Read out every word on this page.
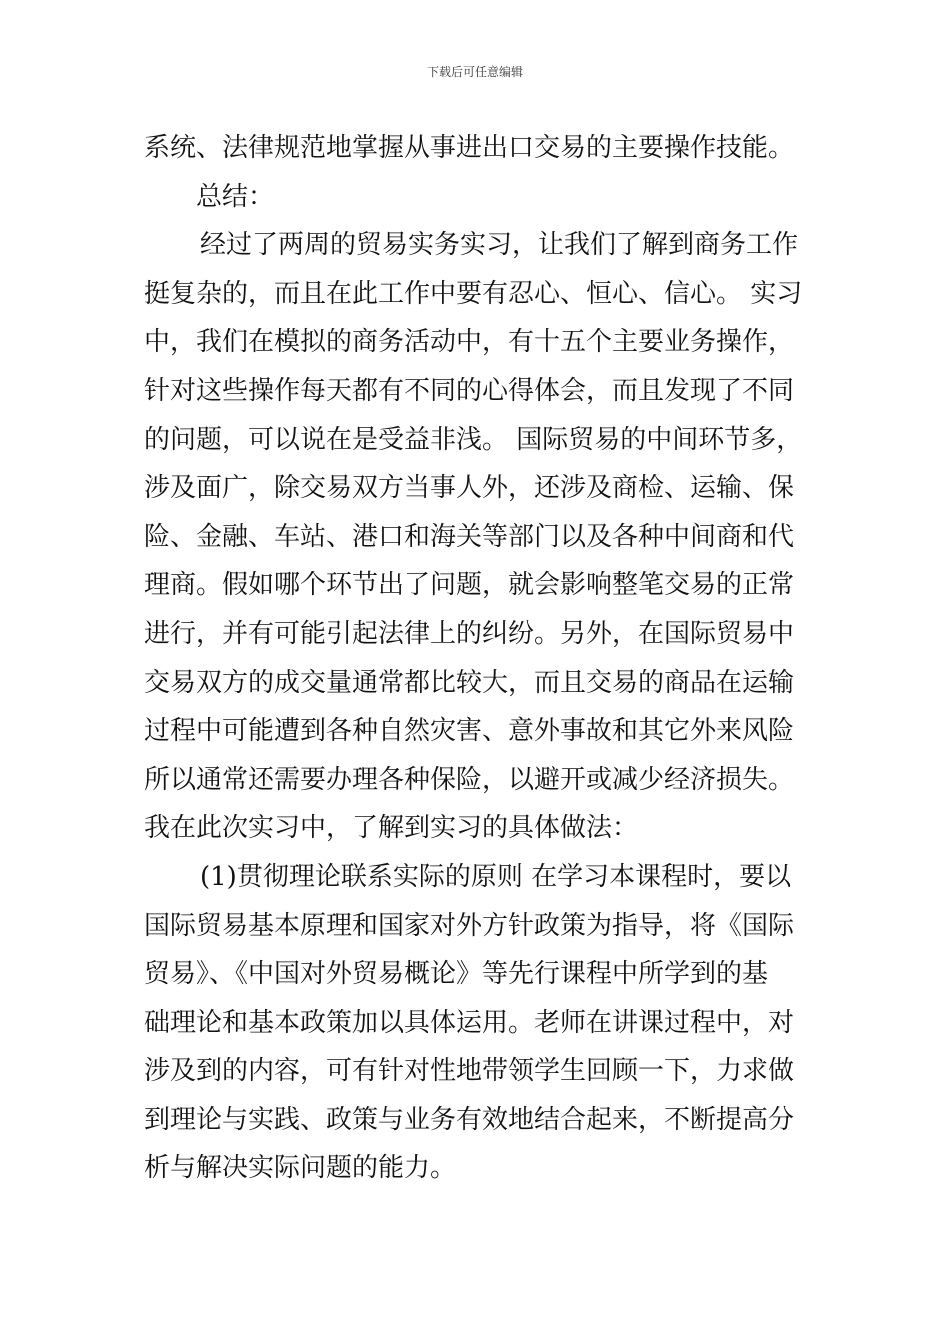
下载后可任意编辑
系统、法律规范地掌握从事进出口交易的主要操作技能。
总结：
经过了两周的贸易实务实习，让我们了解到商务工作
挺复杂的，而且在此工作中要有忍心、恒心、信心。 实习
中，我们在模拟的商务活动中，有十五个主要业务操作，
针对这些操作每天都有不同的心得体会，而且发现了不同
的问题，可以说在是受益非浅。 国际贸易的中间环节多，
涉及面广，除交易双方当事人外，还涉及商检、运输、保
险、金融、车站、港口和海关等部门以及各种中间商和代
理商。假如哪个环节出了问题，就会影响整笔交易的正常
进行，并有可能引起法律上的纠纷。另外，在国际贸易中
交易双方的成交量通常都比较大，而且交易的商品在运输
过程中可能遭到各种自然灾害、意外事故和其它外来风险
所以通常还需要办理各种保险，以避开或减少经济损失。
我在此次实习中，了解到实习的具体做法：
(1)贯彻理论联系实际的原则 在学习本课程时，要以
国际贸易基本原理和国家对外方针政策为指导，将《国际
贸易》、《中国对外贸易概论》等先行课程中所学到的基
础理论和基本政策加以具体运用。老师在讲课过程中，对
涉及到的内容，可有针对性地带领学生回顾一下，力求做
到理论与实践、政策与业务有效地结合起来，不断提高分
析与解决实际问题的能力。
